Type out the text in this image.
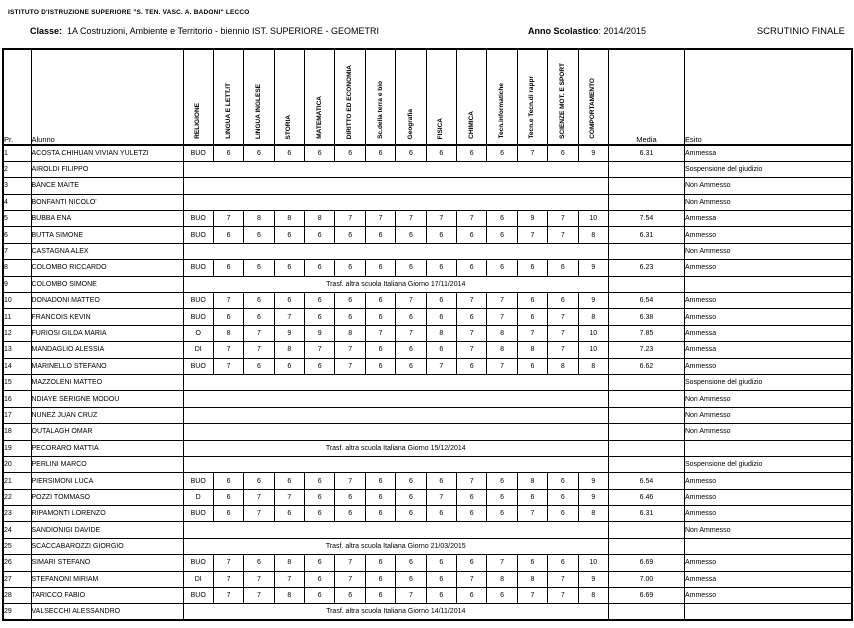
ISTITUTO D'ISTRUZIONE SUPERIORE "S. TEN. VASC. A. BADONI" LECCO
Classe: 1A Costruzioni, Ambiente e Territorio - biennio IST. SUPERIORE - GEOMETRI	Anno Scolastico: 2014/2015	SCRUTINIO FINALE
Pr.	Alunno	RELIGIONE	LINGUA E LETT.IT	LINGUA INGLESE	STORIA	MATEMATICA	DIRITTO ED ECONOMIA	Sc.della terra e bio	Geografia	FISICA	CHIMICA	Tecn.informatiche	Tecn.e Tecn.di rappr	SCIENZE MOT. E SPORT	COMPORTAMENTO	Media	Esito
1	ACOSTA CHIHUAN VIVIAN YULETZI	BUO	6	6	6	6	6	6	6	6	6	6	7	6	9	6.31	Ammessa
2	AIROLDI FILIPPO																Sospensione del giudizio
3	BANCE MAITE																Non Ammesso
4	BONFANTI NICOLO'																Non Ammesso
5	BUBBA ENA	BUO	7	8	8	8	7	7	7	7	7	6	9	7	10	7.54	Ammessa
6	BUTTA SIMONE	BUO	6	6	6	6	6	6	6	6	6	6	7	7	8	6.31	Ammesso
7	CASTAGNA ALEX																Non Ammesso
8	COLOMBO RICCARDO	BUO	6	6	6	6	6	6	6	6	6	6	6	6	9	6.23	Ammesso
9	COLOMBO SIMONE	Trasf. altra scuola Italiana Giorno 17/11/2014															
10	DONADONI MATTEO	BUO	7	6	6	6	6	6	7	6	7	7	6	6	9	6.54	Ammesso
11	FRANCOIS KEVIN	BUO	6	6	7	6	6	6	6	6	6	7	6	7	8	6.38	Ammesso
12	FURIOSI GILDA MARIA	O	8	7	9	9	8	7	7	8	7	8	7	7	10	7.85	Ammessa
13	MANDAGLIO ALESSIA	DI	7	7	8	7	7	6	6	6	7	8	8	7	10	7.23	Ammessa
14	MARINELLO STEFANO	BUO	7	6	6	6	7	6	6	7	6	7	6	8	8	6.62	Ammesso
15	MAZZOLENI MATTEO																Sospensione del giudizio
16	NDIAYE SERIGNE MODOU																Non Ammesso
17	NUNEZ JUAN CRUZ																Non Ammesso
18	OUTALAGH OMAR																Non Ammesso
19	PECORARO MATTIA	Trasf. altra scuola Italiana Giorno 15/12/2014															
20	PERLINI MARCO																Sospensione del giudizio
21	PIERSIMONI LUCA	BUO	6	6	6	6	7	6	6	6	7	6	8	6	9	6.54	Ammesso
22	POZZI TOMMASO	D	6	7	7	6	6	6	6	7	6	6	6	6	9	6.46	Ammesso
23	RIPAMONTI LORENZO	BUO	6	7	6	6	6	6	6	6	6	6	7	6	8	6.31	Ammesso
24	SANDIONIGI DAVIDE																Non Ammesso
25	SCACCABAROZZI GIORGIO	Trasf. altra scuola Italiana Giorno 21/03/2015															
26	SIMARI STEFANO	BUO	7	6	8	6	7	6	6	6	6	7	6	6	10	6.69	Ammesso
27	STEFANONI MIRIAM	DI	7	7	7	6	7	6	6	6	7	8	8	7	9	7.00	Ammessa
28	TARICCO FABIO	BUO	7	7	8	6	6	6	7	6	6	6	7	7	8	6.69	Ammesso
29	VALSECCHI ALESSANDRO	Trasf. altra scuola Italiana Giorno 14/11/2014															
